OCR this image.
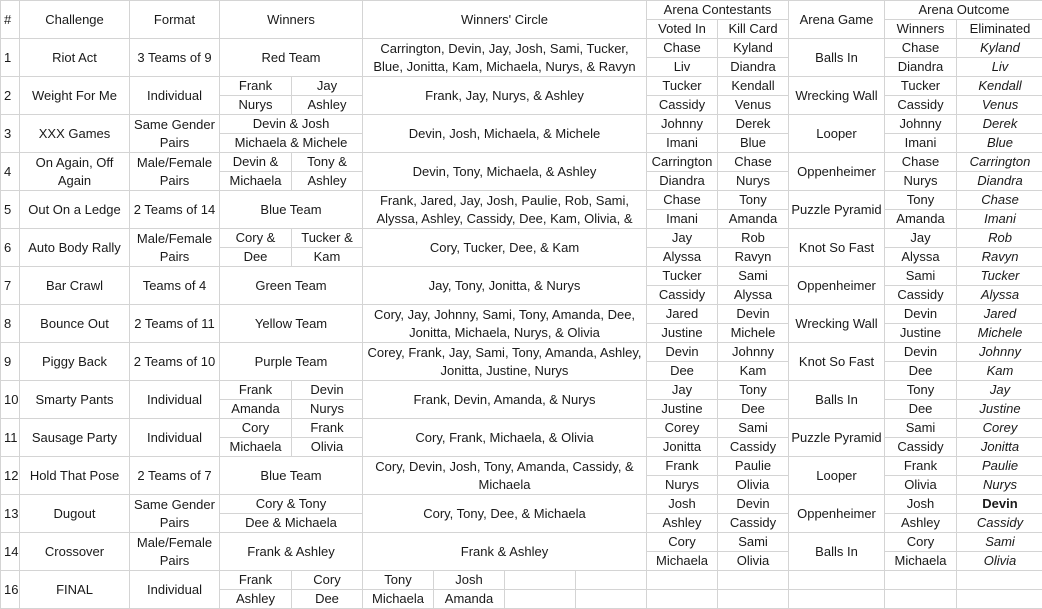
#	Challenge	Format	Winners		Winners' Circle				Arena Contestants		Arena Game	Arena Outcome	
									Voted In	Kill Card		Winners	Eliminated
1	Riot Act	3 Teams of 9	Red Team		Carrington, Devin, Jay, Josh, Sami, Tucker, Blue, Jonitta, Kam, Michaela, Nurys, & Ravyn				Chase	Kyland	Balls In	Chase	Kyland
									Liv	Diandra		Diandra	Liv
2	Weight For Me	Individual	Frank	Jay	Frank, Jay, Nurys, & Ashley				Tucker	Kendall	Wrecking Wall	Tucker	Kendall
			Nurys	Ashley					Cassidy	Venus		Cassidy	Venus
3	XXX Games	Same Gender Pairs	Devin & Josh		Devin, Josh, Michaela, & Michele				Johnny	Derek	Looper	Johnny	Derek
			Michaela & Michele						Imani	Blue		Imani	Blue
4	On Again, Off Again	Male/Female Pairs	Devin &	Tony &	Devin, Tony, Michaela, & Ashley				Carrington	Chase	Oppenheimer	Chase	Carrington
			Michaela	Ashley					Diandra	Nurys		Nurys	Diandra
5	Out On a Ledge	2 Teams of 14	Blue Team		Frank, Jared, Jay, Josh, Paulie, Rob, Sami, Alyssa, Ashley, Cassidy, Dee, Kam, Olivia, &				Chase	Tony	Puzzle Pyramid	Tony	Chase
									Imani	Amanda		Amanda	Imani
6	Auto Body Rally	Male/Female Pairs	Cory &	Tucker &	Cory, Tucker, Dee, & Kam				Jay	Rob	Knot So Fast	Jay	Rob
			Dee	Kam					Alyssa	Ravyn		Alyssa	Ravyn
7	Bar Crawl	Teams of 4	Green Team		Jay, Tony, Jonitta, & Nurys				Tucker	Sami	Oppenheimer	Sami	Tucker
									Cassidy	Alyssa		Cassidy	Alyssa
8	Bounce Out	2 Teams of 11	Yellow Team		Cory, Jay, Johnny, Sami, Tony, Amanda, Dee, Jonitta, Michaela, Nurys, & Olivia				Jared	Devin	Wrecking Wall	Devin	Jared
									Justine	Michele		Justine	Michele
9	Piggy Back	2 Teams of 10	Purple Team		Corey, Frank, Jay, Sami, Tony, Amanda, Ashley, Jonitta, Justine, Nurys				Devin	Johnny	Knot So Fast	Devin	Johnny
									Dee	Kam		Dee	Kam
10	Smarty Pants	Individual	Frank	Devin	Frank, Devin, Amanda, & Nurys				Jay	Tony	Balls In	Tony	Jay
			Amanda	Nurys					Justine	Dee		Dee	Justine
11	Sausage Party	Individual	Cory	Frank	Cory, Frank, Michaela, & Olivia				Corey	Sami	Puzzle Pyramid	Sami	Corey
			Michaela	Olivia					Jonitta	Cassidy		Cassidy	Jonitta
12	Hold That Pose	2 Teams of 7	Blue Team		Cory, Devin, Josh, Tony, Amanda, Cassidy, & Michaela				Frank	Paulie	Looper	Frank	Paulie
									Nurys	Olivia		Olivia	Nurys
13	Dugout	Same Gender Pairs	Cory & Tony		Cory, Tony, Dee, & Michaela				Josh	Devin	Oppenheimer	Josh	Devin
			Dee & Michaela						Ashley	Cassidy		Ashley	Cassidy
14	Crossover	Male/Female Pairs	Frank & Ashley		Frank & Ashley				Cory	Sami	Balls In	Cory	Sami
									Michaela	Olivia		Michaela	Olivia
16	FINAL	Individual	Frank	Cory	Tony	Josh							
			Ashley	Dee	Michaela	Amanda							
